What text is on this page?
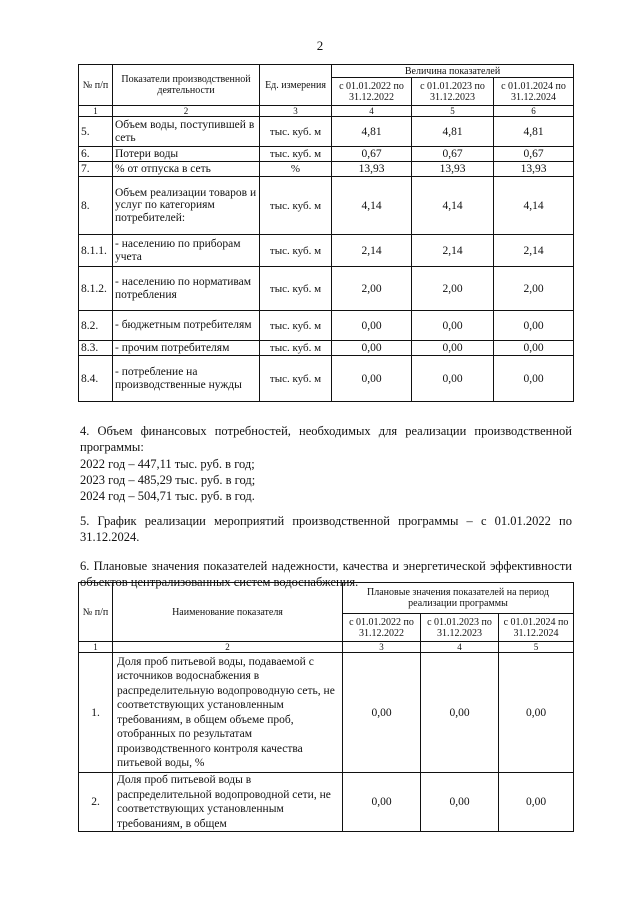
2
№ п/п	Показатели производственной деятельности	Ед. измерения	Величина показателей		
			с 01.01.2022 по 31.12.2022	с 01.01.2023 по 31.12.2023	с 01.01.2024 по 31.12.2024
1	2	3	4	5	6
5.	Объем воды, поступившей в сеть	тыс. куб. м	4,81	4,81	4,81
6.	Потери воды	тыс. куб. м	0,67	0,67	0,67
7.	% от отпуска в сеть	%	13,93	13,93	13,93
8.	Объем реализации товаров и услуг по категориям потребителей:	тыс. куб. м	4,14	4,14	4,14
8.1.1.	- населению по приборам учета	тыс. куб. м	2,14	2,14	2,14
8.1.2.	- населению по нормативам потребления	тыс. куб. м	2,00	2,00	2,00
8.2.	- бюджетным потребителям	тыс. куб. м	0,00	0,00	0,00
8.3.	- прочим потребителям	тыс. куб. м	0,00	0,00	0,00
8.4.	- потребление на производственные нужды	тыс. куб. м	0,00	0,00	0,00
4. Объем финансовых потребностей, необходимых для реализации производственной программы:
2022 год – 447,11 тыс. руб. в год;
2023 год – 485,29 тыс. руб. в год;
2024 год – 504,71 тыс. руб. в год.
5. График реализации мероприятий производственной программы – с 01.01.2022 по 31.12.2024.
6. Плановые значения показателей надежности, качества и энергетической эффективности объектов централизованных систем водоснабжения.
№ п/п	Наименование показателя	Плановые значения показателей на период реализации программы		
		с 01.01.2022 по 31.12.2022	с 01.01.2023 по 31.12.2023	с 01.01.2024 по 31.12.2024
1	2	3	4	5
1.	Доля проб питьевой воды, подаваемой с источников водоснабжения в распределительную водопроводную сеть, не соответствующих установленным требованиям, в общем объеме проб, отобранных по результатам производственного контроля качества питьевой воды, %	0,00	0,00	0,00
2.	Доля проб питьевой воды в распределительной водопроводной сети, не соответствующих установленным требованиям, в общем	0,00	0,00	0,00
